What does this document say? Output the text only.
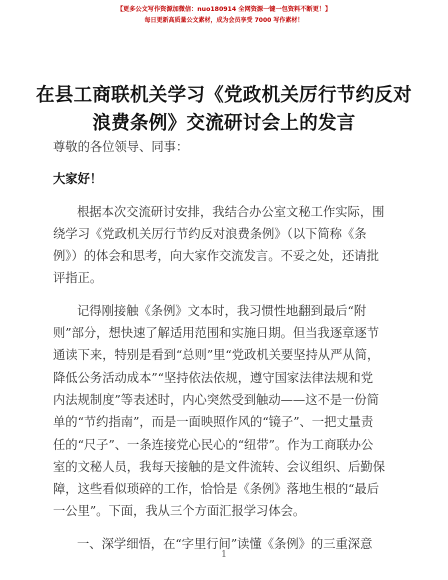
【更多公文写作资源加微信：nuo180914 全网资源一键一包资料不断更！】
每日更新高质量公文素材，成为会员享受 7000 写作素材！
在县工商联机关学习《党政机关厉行节约反对
浪费条例》交流研讨会上的发言
尊敬的各位领导、同事：
大家好！
根据本次交流研讨安排，我结合办公室文秘工作实际，围
绕学习《党政机关厉行节约反对浪费条例》（以下简称《条
例》）的体会和思考，向大家作交流发言。不妥之处，还请批
评指正。
记得刚接触《条例》文本时，我习惯性地翻到最后“附
则”部分，想快速了解适用范围和实施日期。但当我逐章逐节
通读下来，特别是看到“总则”里“党政机关要坚持从严从简，
降低公务活动成本”“坚持依法依规，遵守国家法律法规和党
内法规制度”等表述时，内心突然受到触动——这不是一份简
单的“节约指南”，而是一面映照作风的“镜子”、一把丈量责
任的“尺子”、一条连接党心民心的“纽带”。作为工商联办公
室的文秘人员，我每天接触的是文件流转、会议组织、后勤保
障，这些看似琐碎的工作，恰恰是《条例》落地生根的“最后
一公里”。下面，我从三个方面汇报学习体会。
一、深学细悟，在“字里行间”读懂《条例》的三重深意
1
